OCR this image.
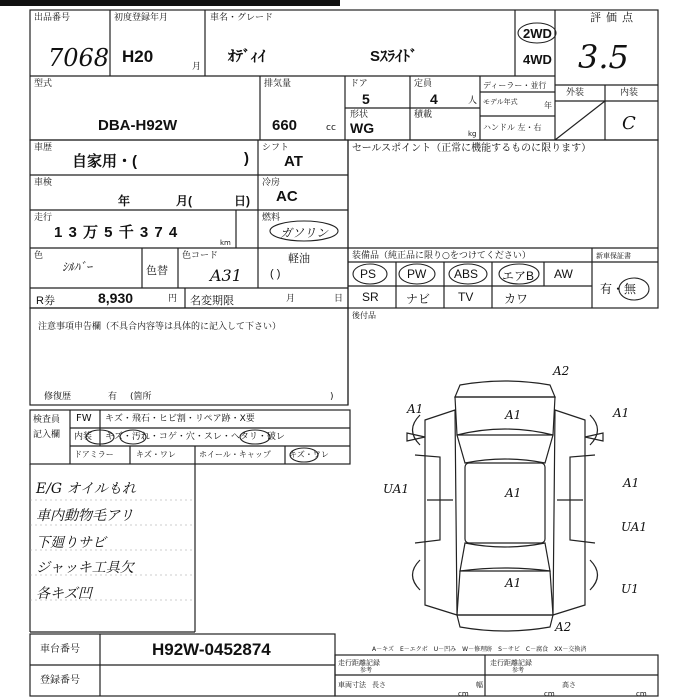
出品番号
7068
初度登録年月
H20
月
車名・グレード
ｵﾃﾞｨｲ	Sｽﾗｲﾄﾞ
2WD
4WD
評価点
3.5
型式
DBA-H92W
排気量
660	cc
ドア
5
定員
4	人
形状
WG
積載
kg
ディーラー・並行
モデル年式	年
ハンドル 左・右
外装	内装
C
車歴
自家用・(	)
シフト
AT
車検
年	月(	日)
冷房
AC
走行
1 3 万 5 千 3 7 4
km
燃料
ガソリン
色
ｼﾙﾊﾞｰ	色替
色コード
A31
軽油
( )
R券	8,930	円 名変期限	月	日
セールスポイント（正常に機能するものに限ります）
装備品（純正品に限り○をつけてください）	新車保証書
PS	PW ABS エアB AW
SR ナビ TV	カワ
有・無
後付品
注意事項申告欄（不具合内容等は具体的に記入して下さい）
修復歴	有 (箇所	)
検査員
記入欄
FW キズ・飛石・ヒビ割・リペア跡・X要
内装 キズ・汚れ・コゲ・穴・スレ・ヘタリ・破レ
ドアミラー	キズ・ワレ	ホイール・キャップ キズ・ワレ
E/G オイルもれ
車内動物毛アリ
下廻りサビ
ジャッキ工具欠
各キズ凹
A2
A1	A1	A1
UA1	A1
A1
UA1
A1	U1
A2
A－キズ　E－エクボ　U－凹み　W－修理跡　S－サビ　C－腐食　XX－交換済
走行距離記録
参考
走行距離記録
参考
車両寸法 長さ
cm
幅
cm
高さ
cm
車台番号	H92W-0452874
登録番号
